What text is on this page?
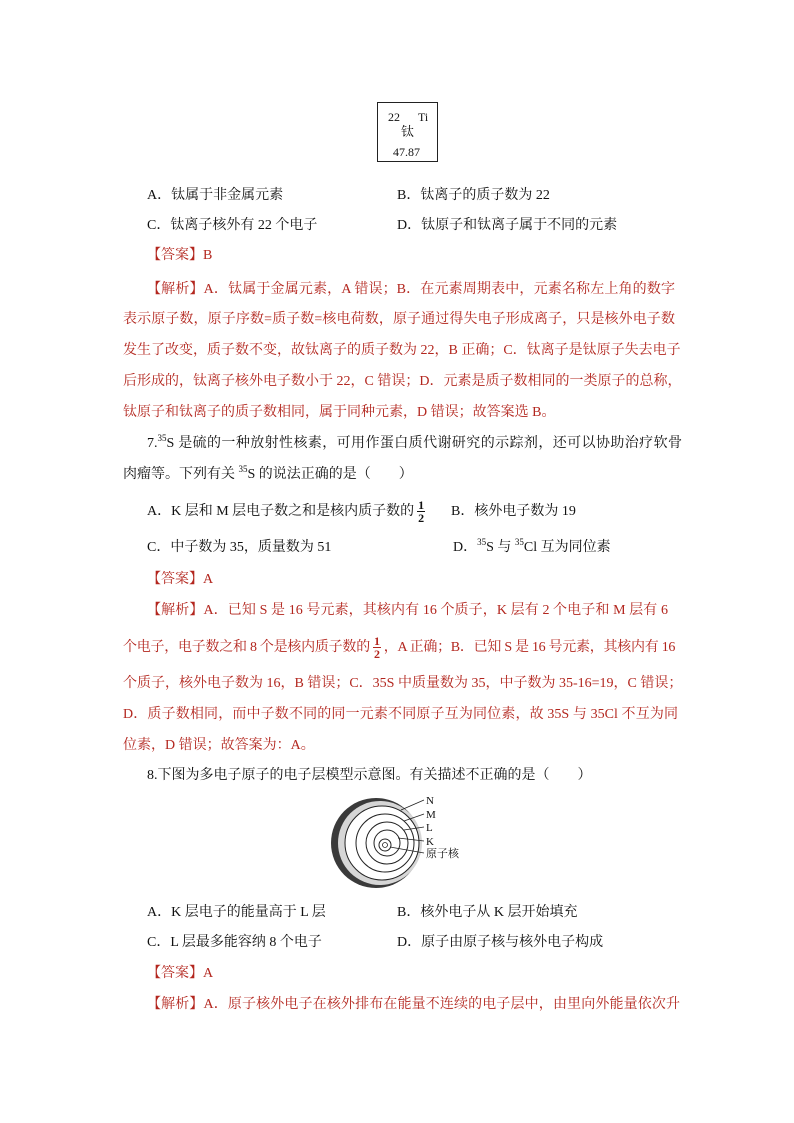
22 Ti
钛
47.87
A．钛属于非金属元素	B．钛离子的质子数为 22
C．钛离子核外有 22 个电子	D．钛原子和钛离子属于不同的元素
【答案】B
【解析】A．钛属于金属元素，A 错误；B．在元素周期表中，元素名称左上角的数字
表示原子数，原子序数=质子数=核电荷数，原子通过得失电子形成离子，只是核外电子数
发生了改变，质子数不变，故钛离子的质子数为 22，B 正确；C．钛离子是钛原子失去电子
后形成的，钛离子核外电子数小于 22，C 错误；D．元素是质子数相同的一类原子的总称，
钛原子和钛离子的质子数相同，属于同种元素，D 错误；故答案选 B。
7.35S 是硫的一种放射性核素，可用作蛋白质代谢研究的示踪剂，还可以协助治疗软骨
肉瘤等。下列有关 $^{35}$S 的说法正确的是（　　）
A．K 层和 M 层电子数之和是核内质子数的 $\frac{1}{2}$ B．核外电子数为 19
C．中子数为 35，质量数为 51	D．$^{35}$S 与 $^{35}$Cl 互为同位素
【答案】A
【解析】A．已知 S 是 16 号元素，其核内有 16 个质子，K 层有 2 个电子和 M 层有 6
个电子，电子数之和 8 个是核内质子数的 $\frac{1}{2}$ ，A 正确；B．已知 S 是 16 号元素，其核内有 16
个质子，核外电子数为 16，B 错误；C．35S 中质量数为 35，中子数为 35-16=19，C 错误；
D．质子数相同，而中子数不同的同一元素不同原子互为同位素，故 35S 与 35Cl 不互为同
位素，D 错误；故答案为：A。
8.下图为多电子原子的电子层模型示意图。有关描述不正确的是（　　）
N
M
L
K
原子核
A．K 层电子的能量高于 L 层	B．核外电子从 K 层开始填充
C．L 层最多能容纳 8 个电子	D．原子由原子核与核外电子构成
【答案】A
【解析】A．原子核外电子在核外排布在能量不连续的电子层中，由里向外能量依次升
